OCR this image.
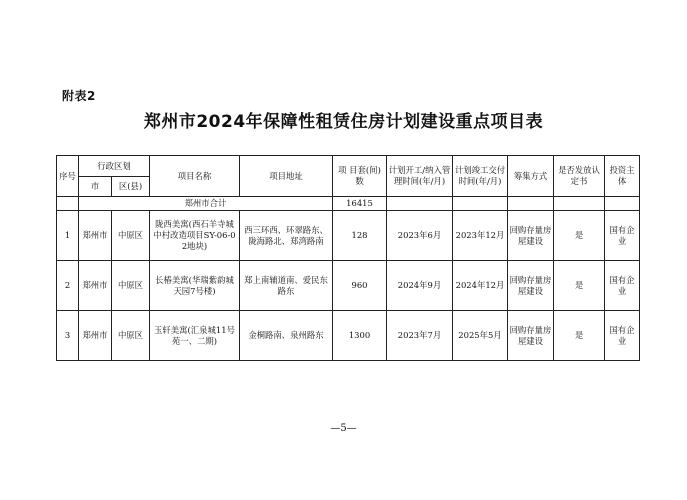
附表2
郑州市2024年保障性租赁住房计划建设重点项目表
序号	行政区划		项目名称	项目地址	项 目套(间)数	计划开工/纳入管理时间(年/月)	计划竣工交付时间(年/月)	筹集方式	是否发放认定书	投资主体
	市	区(县)								
	郑州市合计				16415					
1	郑州市	中原区	陇西美寓(西石羊寺城中村改造项目SY-06-02地块)	西三环西、环翠路东、陇海路北、郑湾路南	128	2023年6月	2023年12月	回购存量房屋建设	是	国有企业
2	郑州市	中原区	长椿美寓(华瑞紫韵城天园7号楼)	郑上南辅道南、爱民东路东	960	2024年9月	2024年12月	回购存量房屋建设	是	国有企业
3	郑州市	中原区	玉轩美寓(汇泉城11号苑一、二期)	金桐路南、泉州路东	1300	2023年7月	2025年5月	回购存量房屋建设	是	国有企业
—5—
